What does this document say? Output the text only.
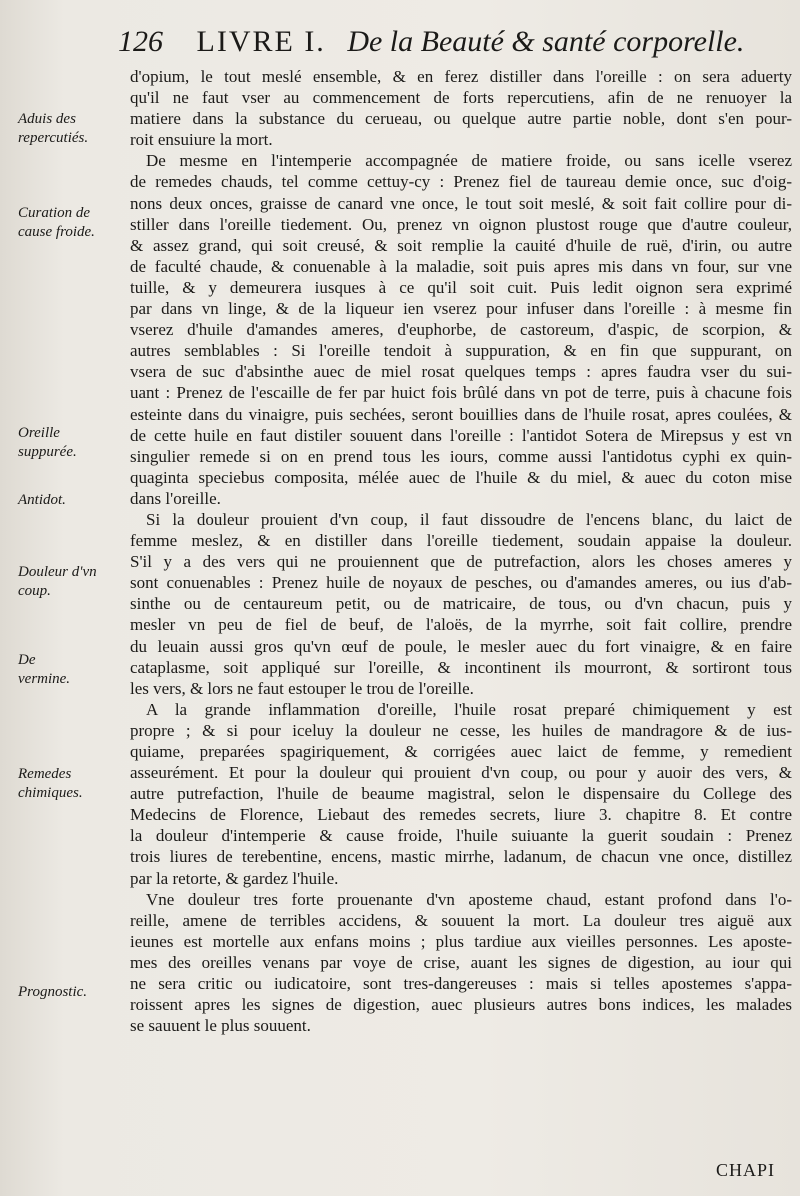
126 LIVRE I. De la Beauté & santé corporelle.
d'opium, le tout meslé ensemble, & en ferez distiller dans l'oreille : on sera aduerty
qu'il ne faut vser au commencement de forts repercutiens, afin de ne renuoyer la
matiere dans la substance du cerueau, ou quelque autre partie noble, dont s'en pour-
roit ensuiure la mort.
De mesme en l'intemperie accompagnée de matiere froide, ou sans icelle vserez
de remedes chauds, tel comme cettuy-cy : Prenez fiel de taureau demie once, suc d'oig-
nons deux onces, graisse de canard vne once, le tout soit meslé, & soit fait collire pour di-
stiller dans l'oreille tiedement. Ou, prenez vn oignon plustost rouge que d'autre couleur,
& assez grand, qui soit creusé, & soit remplie la cauité d'huile de ruë, d'irin, ou autre
de faculté chaude, & conuenable à la maladie, soit puis apres mis dans vn four, sur vne
tuille, & y demeurera iusques à ce qu'il soit cuit. Puis ledit oignon sera exprimé
par dans vn linge, & de la liqueur ien vserez pour infuser dans l'oreille : à mesme fin
vserez d'huile d'amandes ameres, d'euphorbe, de castoreum, d'aspic, de scorpion, &
autres semblables : Si l'oreille tendoit à suppuration, & en fin que suppurant, on
vsera de suc d'absinthe auec de miel rosat quelques temps : apres faudra vser du sui-
uant : Prenez de l'escaille de fer par huict fois brûlé dans vn pot de terre, puis à chacune fois
esteinte dans du vinaigre, puis sechées, seront bouillies dans de l'huile rosat, apres coulées, &
de cette huile en faut distiler souuent dans l'oreille : l'antidot Sotera de Mirepsus y est vn
singulier remede si on en prend tous les iours, comme aussi l'antidotus cyphi ex quin-
quaginta speciebus composita, mélée auec de l'huile & du miel, & auec du coton mise
dans l'oreille.
Si la douleur prouient d'vn coup, il faut dissoudre de l'encens blanc, du laict de
femme meslez, & en distiller dans l'oreille tiedement, soudain appaise la douleur.
S'il y a des vers qui ne prouiennent que de putrefaction, alors les choses ameres y
sont conuenables : Prenez huile de noyaux de pesches, ou d'amandes ameres, ou ius d'ab-
sinthe ou de centaureum petit, ou de matricaire, de tous, ou d'vn chacun, puis y
mesler vn peu de fiel de beuf, de l'aloës, de la myrrhe, soit fait collire, prendre
du leuain aussi gros qu'vn œuf de poule, le mesler auec du fort vinaigre, & en faire
cataplasme, soit appliqué sur l'oreille, & incontinent ils mourront, & sortiront tous
les vers, & lors ne faut estouper le trou de l'oreille.
A la grande inflammation d'oreille, l'huile rosat preparé chimiquement y est
propre ; & si pour iceluy la douleur ne cesse, les huiles de mandragore & de ius-
quiame, preparées spagiriquement, & corrigées auec laict de femme, y remedient
asseurément. Et pour la douleur qui prouient d'vn coup, ou pour y auoir des vers, &
autre putrefaction, l'huile de beaume magistral, selon le dispensaire du College des
Medecins de Florence, Liebaut des remedes secrets, liure 3. chapitre 8. Et contre
la douleur d'intemperie & cause froide, l'huile suiuante la guerit soudain : Prenez
trois liures de terebentine, encens, mastic mirrhe, ladanum, de chacun vne once, distillez
par la retorte, & gardez l'huile.
Vne douleur tres forte prouenante d'vn aposteme chaud, estant profond dans l'o-
reille, amene de terribles accidens, & souuent la mort. La douleur tres aiguë aux
ieunes est mortelle aux enfans moins ; plus tardiue aux vieilles personnes. Les aposte-
mes des oreilles venans par voye de crise, auant les signes de digestion, au iour qui
ne sera critic ou iudicatoire, sont tres-dangereuses : mais si telles apostemes s'appa-
roissent apres les signes de digestion, auec plusieurs autres bons indices, les malades
se sauuent le plus souuent.
Aduis des
repercutiés.
Curation de
cause froide.
Oreille
suppurée.
Antidot.
Douleur d'vn
coup.
De
vermine.
Remedes
chimiques.
Prognostic.
CHAPI
